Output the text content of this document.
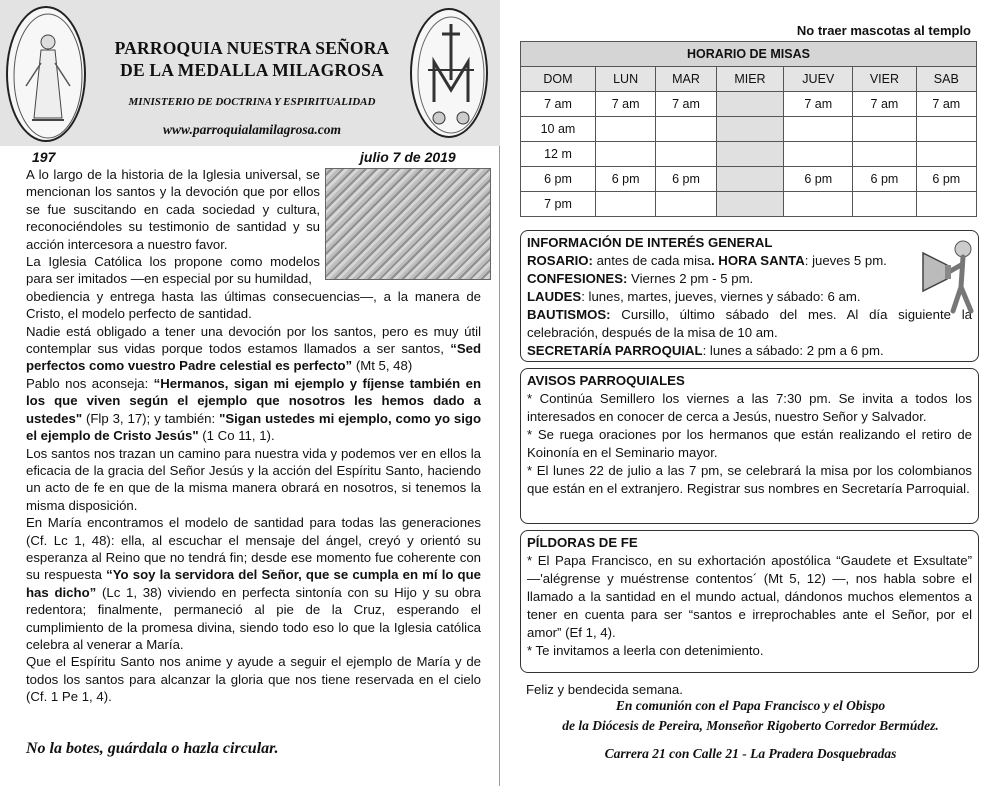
PARROQUIA NUESTRA SEÑORA
DE LA MEDALLA MILAGROSA
MINISTERIO DE DOCTRINA Y ESPIRITUALIDAD
www.parroquialamilagrosa.com
197	julio 7 de 2019

A lo largo de la historia de la Iglesia universal, se mencionan los santos y la devoción que por ellos se fue suscitando en cada sociedad y cultura, reconociéndoles su testimonio de santidad y su acción intercesora a nuestro favor.

La Iglesia Católica los propone como modelos para ser imitados —en especial por su humildad,

obediencia y entrega hasta las últimas consecuencias—, a la manera de Cristo, el modelo perfecto de santidad.

Nadie está obligado a tener una devoción por los santos, pero es muy útil contemplar sus vidas porque todos estamos llamados a ser santos, “Sed perfectos como vuestro Padre celestial es perfecto” (Mt 5, 48)

Pablo nos aconseja: “Hermanos, sigan mi ejemplo y fíjense también en los que viven según el ejemplo que nosotros les hemos dado a ustedes" (Flp 3, 17); y también: "Sigan ustedes mi ejemplo, como yo sigo el ejemplo de Cristo Jesús" (1 Co 11, 1).

Los santos nos trazan un camino para nuestra vida y podemos ver en ellos la eficacia de la gracia del Señor Jesús y la acción del Espíritu Santo, haciendo un acto de fe en que de la misma manera obrará en nosotros, si tenemos la misma disposición.

En María encontramos el modelo de santidad para todas las generaciones (Cf. Lc 1, 48): ella, al escuchar el mensaje del ángel, creyó y orientó su esperanza al Reino que no tendrá fin; desde ese momento fue coherente con su respuesta “Yo soy la servidora del Señor, que se cumpla en mí lo que has dicho” (Lc 1, 38) viviendo en perfecta sintonía con su Hijo y su obra redentora; finalmente, permaneció al pie de la Cruz, esperando el cumplimiento de la promesa divina, siendo todo eso lo que la Iglesia católica celebra al venerar a María.

Que el Espíritu Santo nos anime y ayude a seguir el ejemplo de María y de todos los santos para alcanzar la gloria que nos tiene reservada en el cielo (Cf. 1 Pe 1, 4).

No la botes, guárdala o hazla circular.
No traer mascotas al templo
HORARIO DE MISAS						
DOM	LUN	MAR	MIER	JUEV	VIER	SAB
7 am	7 am	7 am		7 am	7 am	7 am
10 am						
12 m						
6 pm	6 pm	6 pm		6 pm	6 pm	6 pm
7 pm						
INFORMACIÓN DE INTERÉS GENERAL
ROSARIO: antes de cada misa. HORA SANTA: jueves 5 pm.
CONFESIONES: Viernes 2 pm - 5 pm.
LAUDES: lunes, martes, jueves, viernes y sábado: 6 am.
BAUTISMOS: Cursillo, último sábado del mes. Al día siguiente la celebración, después de la misa de 10 am.
SECRETARÍA PARROQUIAL: lunes a sábado: 2 pm a 6 pm.
AVISOS PARROQUIALES
* Continúa Semillero los viernes a las 7:30 pm. Se invita a todos los interesados en conocer de cerca a Jesús, nuestro Señor y Salvador.
* Se ruega oraciones por los hermanos que están realizando el retiro de Koinonía en el Seminario mayor.
* El lunes 22 de julio a las 7 pm, se celebrará la misa por los colombianos que están en el extranjero. Registrar sus nombres en Secretaría Parroquial.
PÍLDORAS DE FE
* El Papa Francisco, en su exhortación apostólica “Gaudete et Exsultate” —'alégrense y muéstrense contentos´ (Mt 5, 12) —, nos habla sobre el llamado a la santidad en el mundo actual, dándonos muchos elementos a tener en cuenta para ser “santos e irreprochables ante el Señor, por el amor” (Ef 1, 4).
* Te invitamos a leerla con detenimiento.
Feliz y bendecida semana.
En comunión con el Papa Francisco y el Obispo
de la Diócesis de Pereira, Monseñor Rigoberto Corredor Bermúdez.
Carrera 21 con Calle 21 - La Pradera Dosquebradas
